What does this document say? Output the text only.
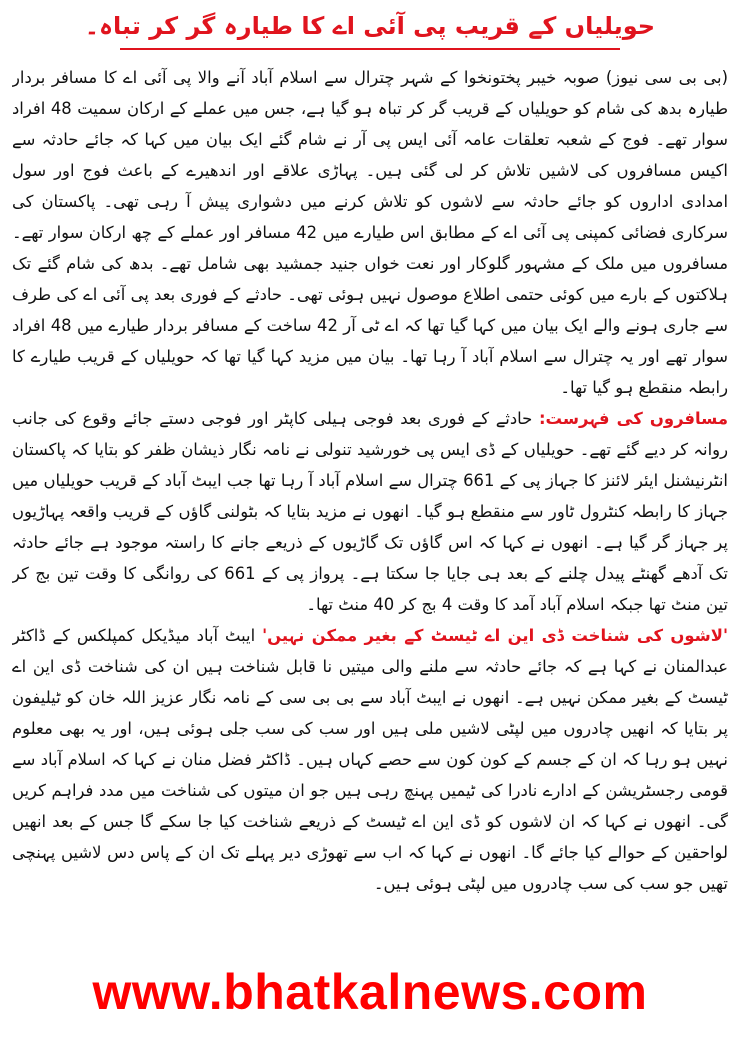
حویلیاں کے قریب پی آئی اے کا طیارہ گر کر تباہ۔

(بی بی سی نیوز) صوبہ خیبر پختونخوا کے شہر چترال سے اسلام آباد آنے والا پی آئی اے کا مسافر بردار طیارہ بدھ کی شام کو حویلیاں کے قریب گر کر تباہ ہو گیا ہے، جس میں عملے کے ارکان سمیت 48 افراد سوار تھے۔ فوج کے شعبہ تعلقات عامہ آئی ایس پی آر نے شام گئے ایک بیان میں کہا کہ جائے حادثہ سے اکیس مسافروں کی لاشیں تلاش کر لی گئی ہیں۔ پہاڑی علاقے اور اندھیرے کے باعث فوج اور سول امدادی اداروں کو جائے حادثہ سے لاشوں کو تلاش کرنے میں دشواری پیش آ رہی تھی۔ پاکستان کی سرکاری فضائی کمپنی پی آئی اے کے مطابق اس طیارے میں 42 مسافر اور عملے کے چھ ارکان سوار تھے۔ مسافروں میں ملک کے مشہور گلوکار اور نعت خواں جنید جمشید بھی شامل تھے۔ بدھ کی شام گئے تک ہلاکتوں کے بارے میں کوئی حتمی اطلاع موصول نہیں ہوئی تھی۔ حادثے کے فوری بعد پی آئی اے کی طرف سے جاری ہونے والے ایک بیان میں کہا گیا تھا کہ اے ٹی آر 42 ساخت کے مسافر بردار طیارے میں 48 افراد سوار تھے اور یہ چترال سے اسلام آباد آ رہا تھا۔ بیان میں مزید کہا گیا تھا کہ حویلیاں کے قریب طیارے کا رابطہ منقطع ہو گیا تھا۔

مسافروں کی فہرست: حادثے کے فوری بعد فوجی ہیلی کاپٹر اور فوجی دستے جائے وقوع کی جانب روانہ کر دیے گئے تھے۔ حویلیاں کے ڈی ایس پی خورشید تنولی نے نامہ نگار ذیشان ظفر کو بتایا کہ پاکستان انٹرنیشنل ایئر لائنز کا جہاز پی کے 661 چترال سے اسلام آباد آ رہا تھا جب ایبٹ آباد کے قریب حویلیاں میں جہاز کا رابطہ کنٹرول ٹاور سے منقطع ہو گیا۔ انھوں نے مزید بتایا کہ بٹولنی گاؤں کے قریب واقعہ پہاڑیوں پر جہاز گر گیا ہے۔ انھوں نے کہا کہ اس گاؤں تک گاڑیوں کے ذریعے جانے کا راستہ موجود ہے جائے حادثہ تک آدھے گھنٹے پیدل چلنے کے بعد ہی جایا جا سکتا ہے۔ پرواز پی کے 661 کی روانگی کا وقت تین بج کر تین منٹ تھا جبکہ اسلام آباد آمد کا وقت 4 بج کر 40 منٹ تھا۔

'لاشوں کی شناخت ڈی این اے ٹیسٹ کے بغیر ممکن نہیں' ایبٹ آباد میڈیکل کمپلکس کے ڈاکٹر عبدالمنان نے کہا ہے کہ جائے حادثہ سے ملنے والی میتیں نا قابل شناخت ہیں ان کی شناخت ڈی این اے ٹیسٹ کے بغیر ممکن نہیں ہے۔ انھوں نے ایبٹ آباد سے بی بی سی کے نامہ نگار عزیز اللہ خان کو ٹیلیفون پر بتایا کہ انھیں چادروں میں لپٹی لاشیں ملی ہیں اور سب کی سب جلی ہوئی ہیں، اور یہ بھی معلوم نہیں ہو رہا کہ ان کے جسم کے کون کون سے حصے کہاں ہیں۔ ڈاکٹر فضل منان نے کہا کہ اسلام آباد سے قومی رجسٹریشن کے ادارے نادرا کی ٹیمیں پہنچ رہی ہیں جو ان میتوں کی شناخت میں مدد فراہم کریں گی۔ انھوں نے کہا کہ ان لاشوں کو ڈی این اے ٹیسٹ کے ذریعے شناخت کیا جا سکے گا جس کے بعد انھیں لواحقین کے حوالے کیا جائے گا۔ انھوں نے کہا کہ اب سے تھوڑی دیر پہلے تک ان کے پاس دس لاشیں پہنچی تھیں جو سب کی سب چادروں میں لپٹی ہوئی ہیں۔

www.bhatkalnews.com
